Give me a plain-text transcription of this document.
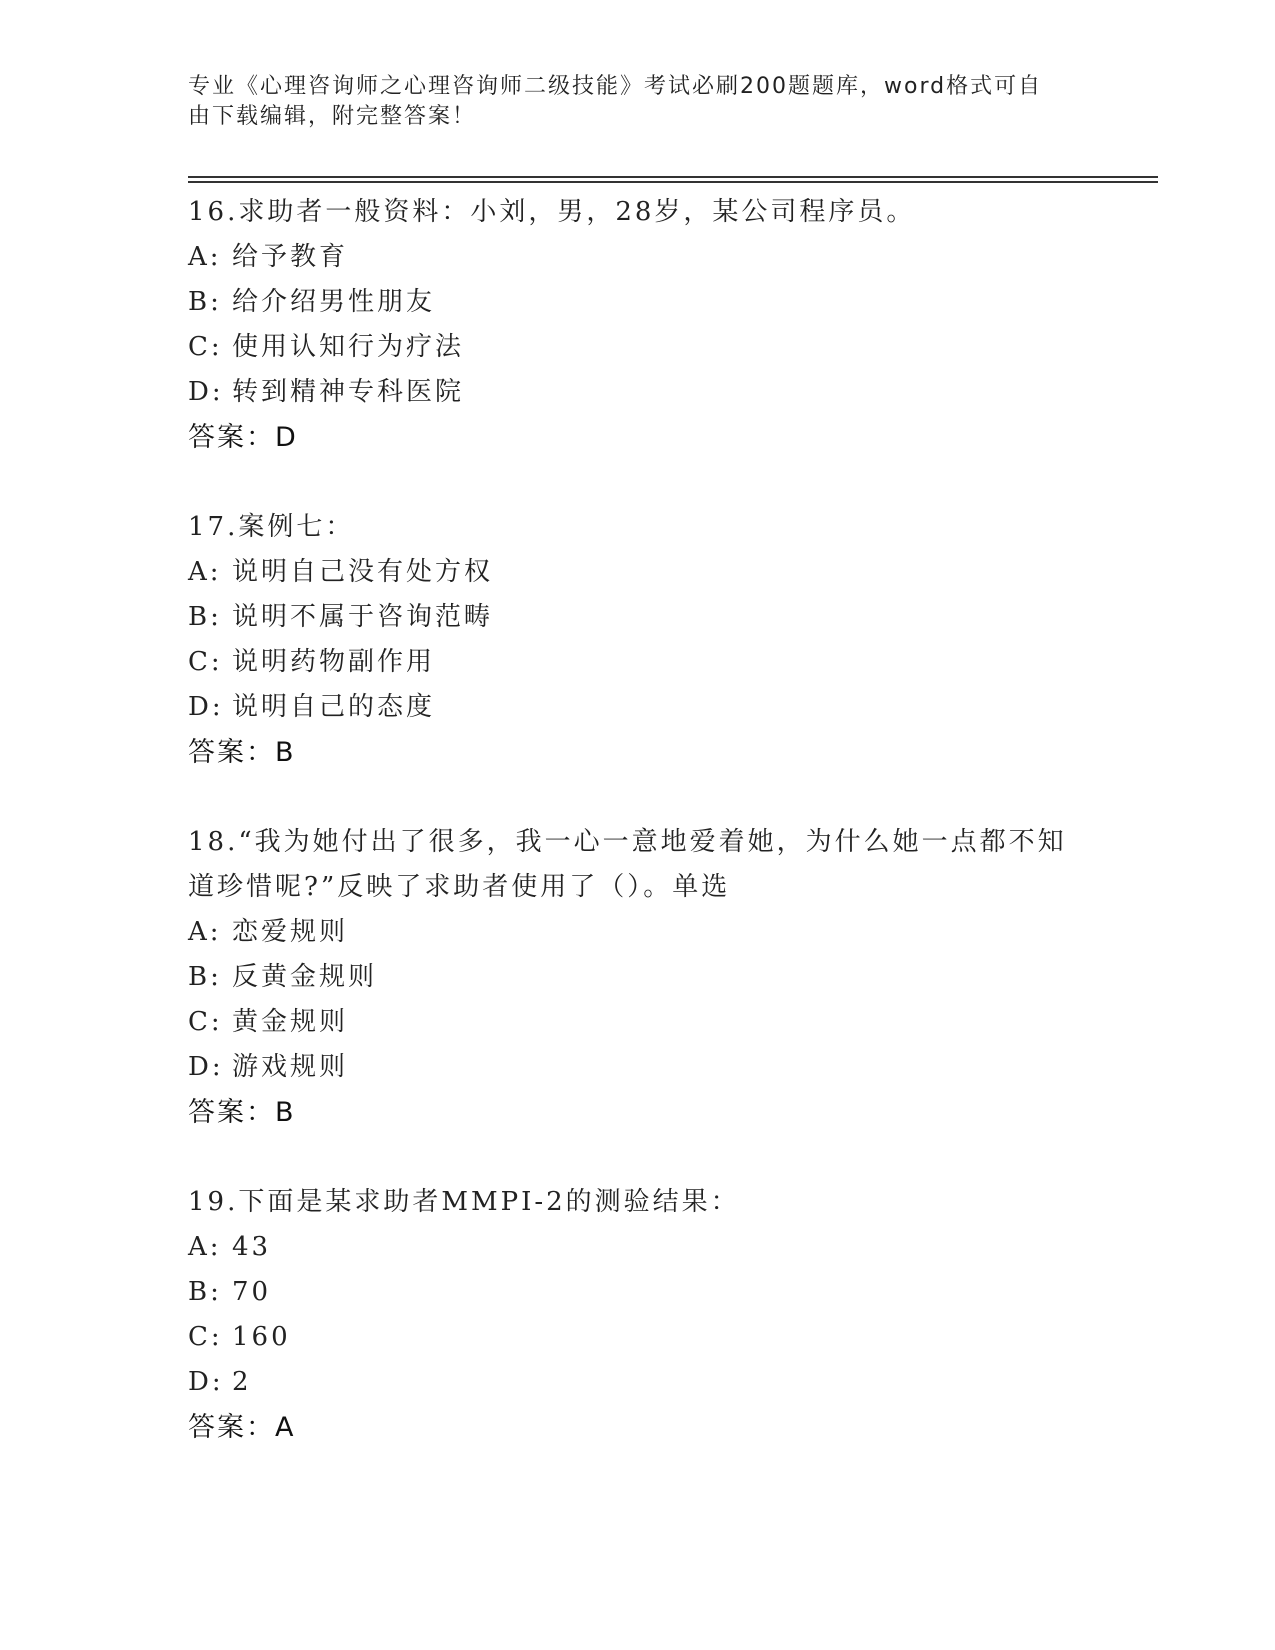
专业《心理咨询师之心理咨询师二级技能》考试必刷200题题库，word格式可自
由下载编辑，附完整答案！
16.求助者一般资料：小刘，男，28岁，某公司程序员。
A: 给予教育
B: 给介绍男性朋友
C: 使用认知行为疗法
D: 转到精神专科医院
答案：D
17.案例七：
A: 说明自己没有处方权
B: 说明不属于咨询范畴
C: 说明药物副作用
D: 说明自己的态度
答案：B
18.“我为她付出了很多，我一心一意地爱着她，为什么她一点都不知道珍惜呢?”反映了求助者使用了（）。单选
A: 恋爱规则
B: 反黄金规则
C: 黄金规则
D: 游戏规则
答案：B
19.下面是某求助者MMPI-2的测验结果：
A: 43
B: 70
C: 160
D: 2
答案：A
